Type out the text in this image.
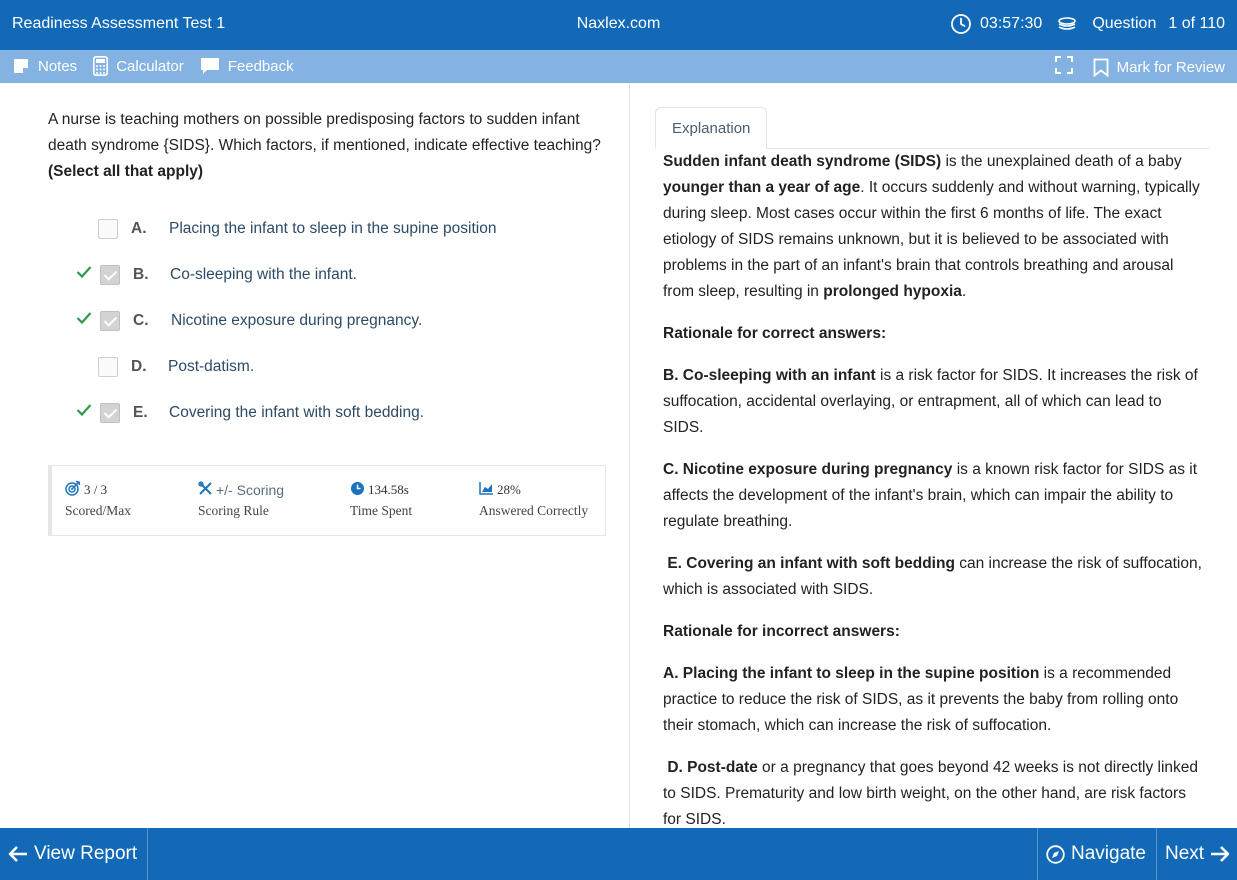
Readiness Assessment Test 1	Naxlex.com	03:57:30	Question 1 of 110
Notes	Calculator	Feedback	Mark for Review
A nurse is teaching mothers on possible predisposing factors to sudden infant death syndrome {SIDS}. Which factors, if mentioned, indicate effective teaching? (Select all that apply)
A. Placing the infant to sleep in the supine position
B. Co-sleeping with the infant.
C. Nicotine exposure during pregnancy.
D. Post-datism.
E. Covering the infant with soft bedding.
3 / 3
Scored/Max
+/- Scoring
Scoring Rule
134.58s
Time Spent
28%
Answered Correctly
Explanation

Sudden infant death syndrome (SIDS) is the unexplained death of a baby younger than a year of age. It occurs suddenly and without warning, typically during sleep. Most cases occur within the first 6 months of life. The exact etiology of SIDS remains unknown, but it is believed to be associated with problems in the part of an infant's brain that controls breathing and arousal from sleep, resulting in prolonged hypoxia.

Rationale for correct answers:

B. Co-sleeping with an infant is a risk factor for SIDS. It increases the risk of suffocation, accidental overlaying, or entrapment, all of which can lead to SIDS.

C. Nicotine exposure during pregnancy is a known risk factor for SIDS as it affects the development of the infant's brain, which can impair the ability to regulate breathing.

E. Covering an infant with soft bedding can increase the risk of suffocation, which is associated with SIDS.

Rationale for incorrect answers:

A. Placing the infant to sleep in the supine position is a recommended practice to reduce the risk of SIDS, as it prevents the baby from rolling onto their stomach, which can increase the risk of suffocation.

D. Post-date or a pregnancy that goes beyond 42 weeks is not directly linked to SIDS. Prematurity and low birth weight, on the other hand, are risk factors for SIDS.

View Report	Navigate Next
